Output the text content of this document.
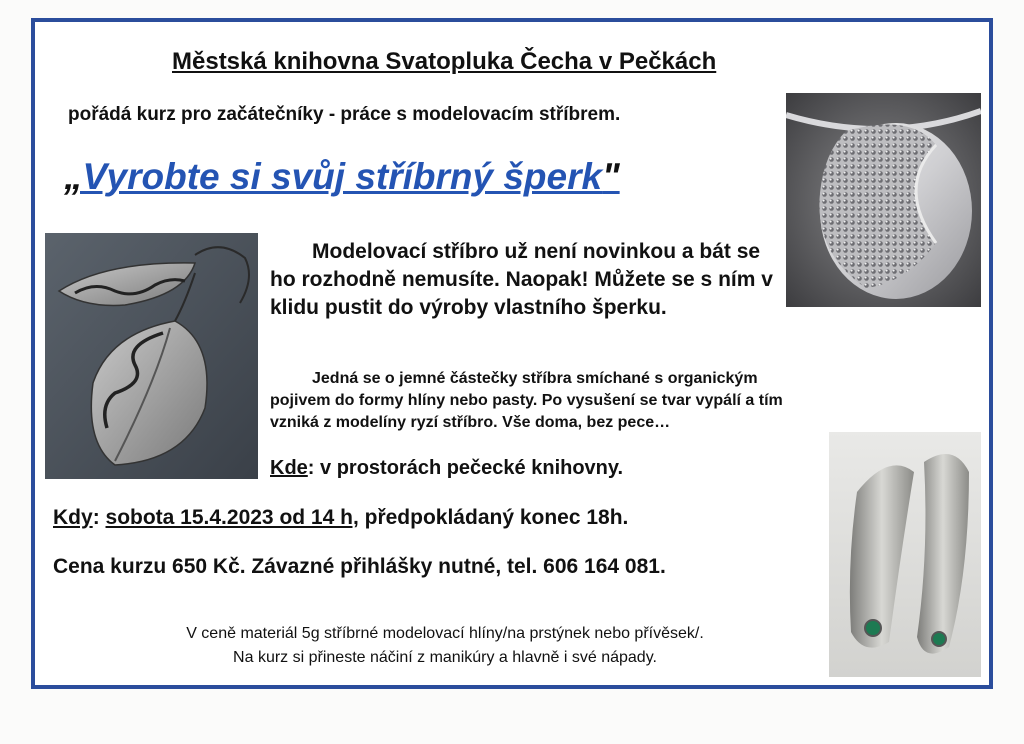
Městská knihovna Svatopluka Čecha v Pečkách
pořádá kurz pro začátečníky - práce s modelovacím stříbrem.
„Vyrobte si svůj stříbrný šperk"
Modelovací stříbro už není novinkou a bát se ho rozhodně nemusíte. Naopak! Můžete se s ním v klidu pustit do výroby vlastního šperku.
Jedná se o jemné částečky stříbra smíchané s organickým pojivem do formy hlíny nebo pasty. Po vysušení se tvar vypálí a tím vzniká z modelíny ryzí stříbro. Vše doma, bez pece…
Kde: v prostorách pečecké knihovny.
Kdy: sobota 15.4.2023 od 14 h, předpokládaný konec 18h.
Cena kurzu 650 Kč. Závazné přihlášky nutné, tel. 606 164 081.
V ceně materiál 5g stříbrné modelovací hlíny/na prstýnek nebo přívěsek/.
Na kurz si přineste náčiní z manikúry a hlavně i své nápady.
